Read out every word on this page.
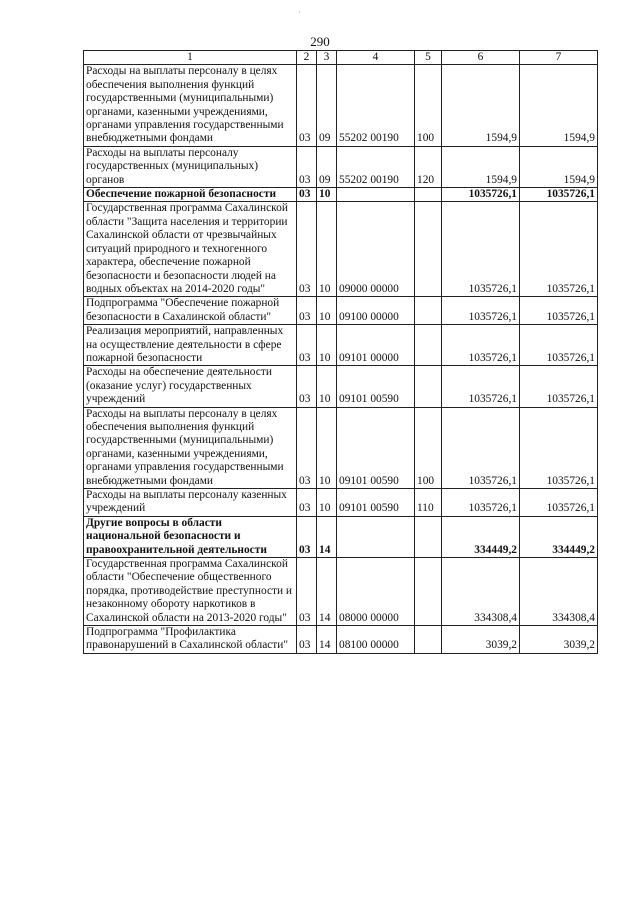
·
290
1	2	3	4	5	6	7
Расходы на выплаты персоналу в целях обеспечения выполнения функций государственными (муниципальными) органами, казенными учреждениями, органами управления государственными внебюджетными фондами	03	09	55202 00190	100	1594,9	1594,9
Расходы на выплаты персоналу государственных (муниципальных) органов	03	09	55202 00190	120	1594,9	1594,9
Обеспечение пожарной безопасности	03	10			1035726,1	1035726,1
Государственная программа Сахалинской области "Защита населения и территории Сахалинской области от чрезвычайных ситуаций природного и техногенного характера, обеспечение пожарной безопасности и безопасности людей на водных объектах на 2014-2020 годы"	03	10	09000 00000		1035726,1	1035726,1
Подпрограмма "Обеспечение пожарной безопасности в Сахалинской области"	03	10	09100 00000		1035726,1	1035726,1
Реализация мероприятий, направленных на осуществление деятельности в сфере пожарной безопасности	03	10	09101 00000		1035726,1	1035726,1
Расходы на обеспечение деятельности (оказание услуг) государственных учреждений	03	10	09101 00590		1035726,1	1035726,1
Расходы на выплаты персоналу в целях обеспечения выполнения функций государственными (муниципальными) органами, казенными учреждениями, органами управления государственными внебюджетными фондами	03	10	09101 00590	100	1035726,1	1035726,1
Расходы на выплаты персоналу казенных учреждений	03	10	09101 00590	110	1035726,1	1035726,1
Другие вопросы в области национальной безопасности и правоохранительной деятельности	03	14			334449,2	334449,2
Государственная программа Сахалинской области "Обеспечение общественного порядка, противодействие преступности и незаконному обороту наркотиков в Сахалинской области на 2013-2020 годы"	03	14	08000 00000		334308,4	334308,4
Подпрограмма "Профилактика правонарушений в Сахалинской области"	03	14	08100 00000		3039,2	3039,2
